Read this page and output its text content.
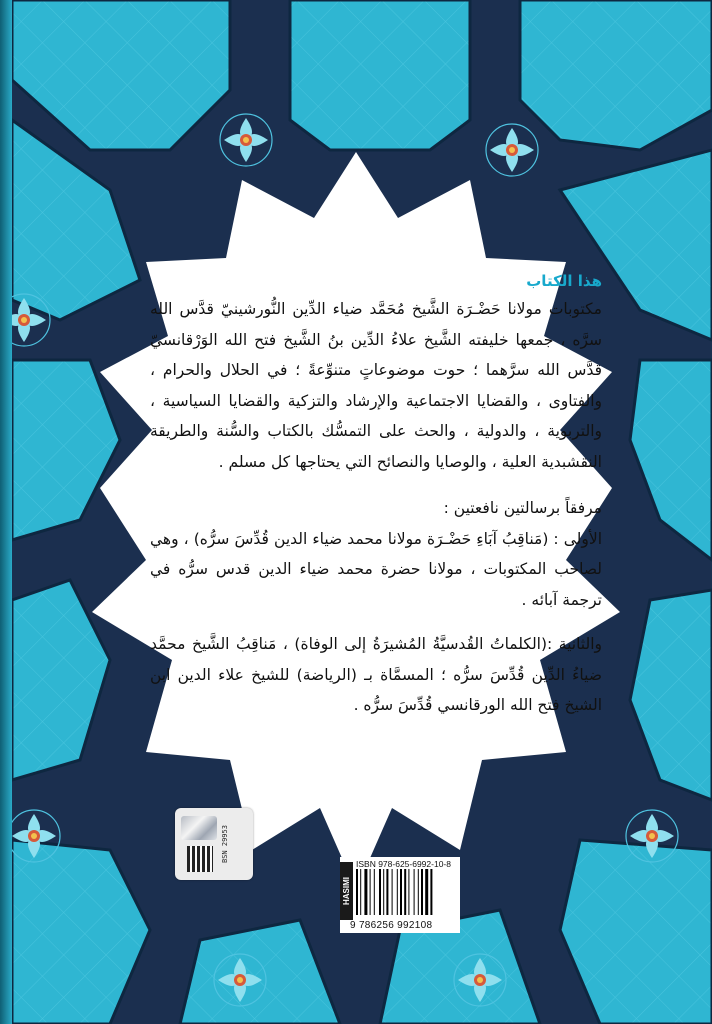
هذا الكتاب

مكتوبات مولانا حَضْـرَة الشَّيخ مُحَمَّد ضياء الدِّين النُّورشينيّ قدَّس الله سرَّه ، جمعها خليفته الشَّيخ علاءُ الدِّين بنُ الشَّيخ فتح الله الوَرْقانسيّ قدَّس الله سرَّهما ؛ حوت موضوعاتٍ متنوِّعةً ؛ في الحلال والحرام ، والفتاوى ، والقضايا الاجتماعية والإرشاد والتزكية والقضايا السياسية ، والتربوية ، والدولية ، والحث على التمسُّك بالكتاب والسُّنة والطريقة النقشبدية العلية ، والوصايا والنصائح التي يحتاجها كل مسلم .

مرفقاً برسالتين نافعتين :

الأولى : (مَناقِبُ آبَاءِ حَضْـرَة مولانا محمد ضياء الدين قُدِّسَ سرُّه) ، وهي لصاحب المكتوبات ، مولانا حضرة محمد ضياء الدين قدس سرُّه في ترجمة آبائه .

والثانية :(الكلماتُ القُدسيَّةُ المُشيرَةُ إلى الوفاة) ، مَناقِبُ الشَّيخ محمَّد ضياءُ الدِّين قُدِّسَ سرُّه ؛ المسمَّاة بـ (الرياضة) للشيخ علاء الدين ابن الشيخ فتح الله الورقانسي قُدِّسَ سرُّه .

BSN 29953
HASIMI
ISBN 978-625-6992-10-8
9 786256 992108
